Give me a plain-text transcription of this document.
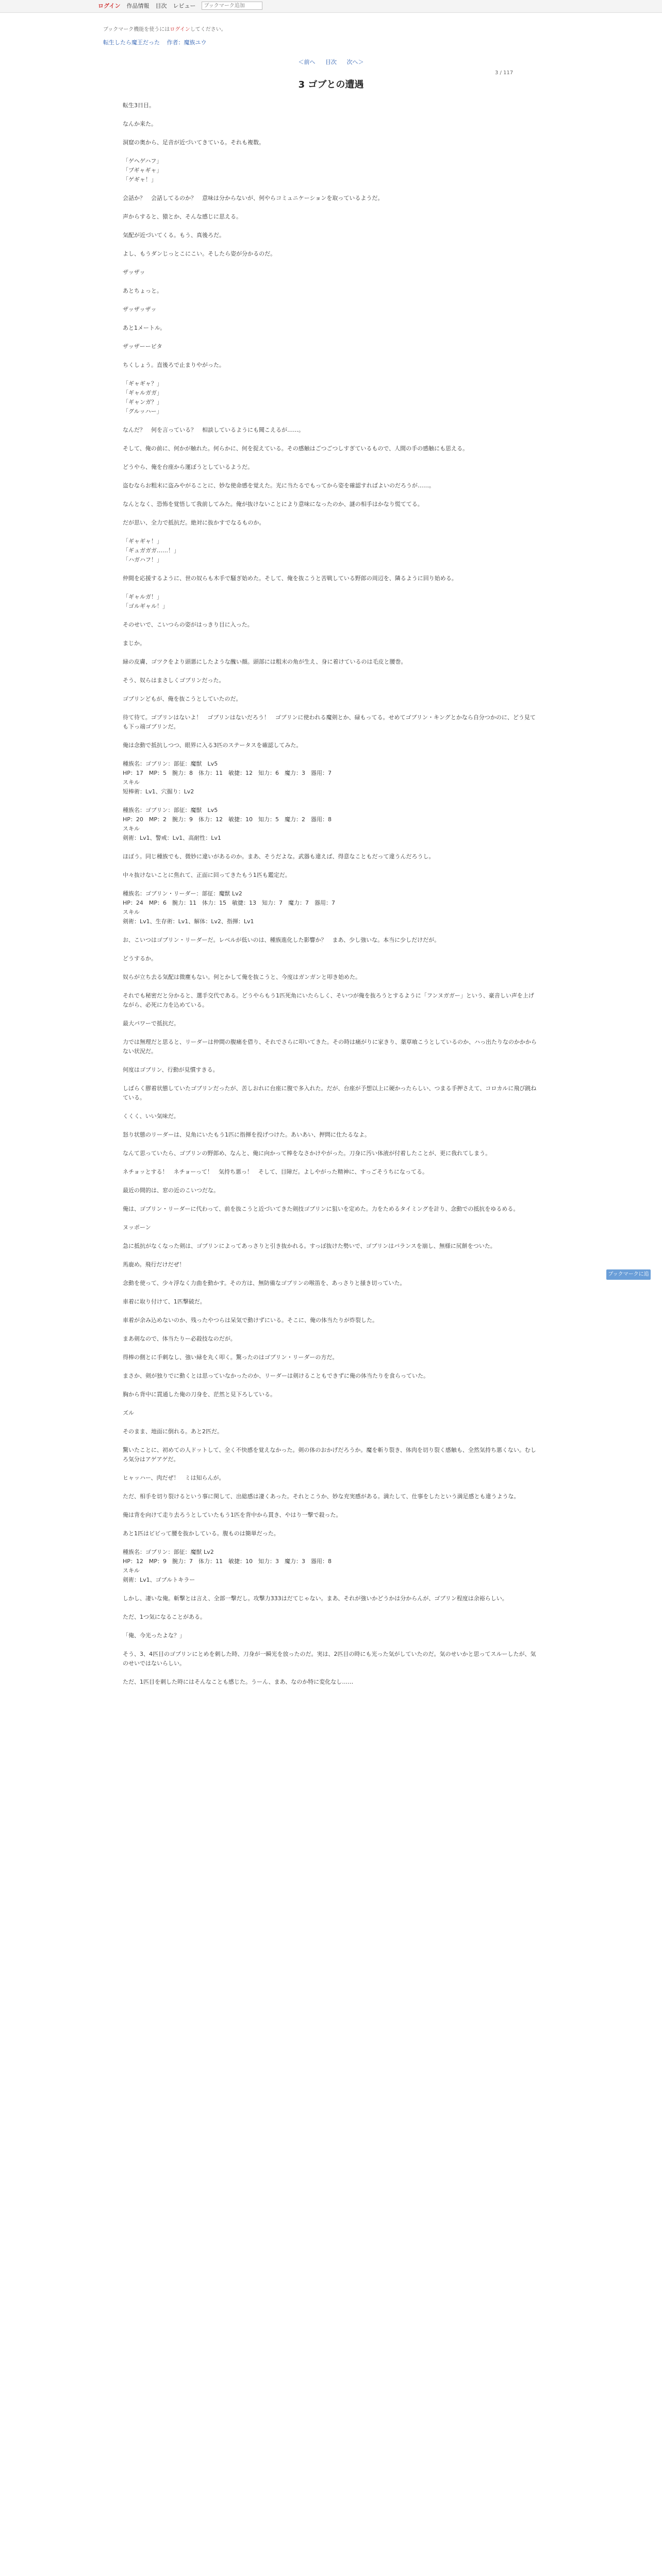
ログイン 作品情報 目次 レビュー
ブックマーク追加
ブックマーク機能を使うにはログインしてください。
転生したら魔王だった 作者：魔族ユウ
＜前へ 目次 次へ＞
3 / 117
3 ゴブとの遭遇

転生3日目。

なんか来た。

洞窟の奥から、足音が近づいてきている。それも複数。

「ゲヘゲハフ」
「ブギャギャ」
「ゲギャ！」

会話か？　会話してるのか？　意味は分からないが、何やらコミュニケーションを取っているようだ。

声からすると、猿とか、そんな感じに思える。

気配が近づいてくる。もう、真後ろだ。

よし、もうダンじっとこにこい。そしたら姿が分かるのだ。

ザッザッ

あとちょっと。

ザッザッザッ

あと1メートル。

ザッザーーピタ

ちくしょう。直後ろで止まりやがった。

「ギャギャ？」
「ギャルガガ」
「ギャンガ？」
「グルッハー」

なんだ？　何を言っている？　相談しているようにも聞こえるが……。

そして、俺の前に、何かが触れた。何らかに、何を捉えている。その感触はごつごつしすぎているもので、人間の手の感触にも思える。

どうやら、俺を台座から運ぼうとしているようだ。

盗むならお粗末に盗みやがることに、妙な使命感を覚えた。光に当たるでもってから姿を確認すればよいのだろうが……。

なんとなく、恐怖を覚悟して我前してみた。俺が抜けないことにより意味になったのか、謎の相手はかなり慌ててる。

だが思い、全力で抵抗だ。絶対に抜かすでなるものか。

「ギャギャ！」
「ギュガガガ……！」
「ハガハフ！」

仲間を応援するように、世の奴らも木手で騒ぎ始めた。そして、俺を抜こうと苦戦している野郎の周辺を、隣るように回り始める。

「ギャルガ！」
「ゴルギャル！」

そのせいで、こいつらの姿がはっきり目に入った。

まじか。

緑の皮膚、ゴツクをより頭悪にしたような醜い顔。頭部には粗末の角が生え、身に着けているのは毛皮と腰巻。

そう、奴らはまさしくゴブリンだった。

ゴブリンどもが、俺を抜こうとしていたのだ。

待て待て。ゴブリンはないよ！　ゴブリンはないだろう！　ゴブリンに使われる魔剣とか、碌もってる。せめてゴブリン・キングとかなら自分つかのに、どう見ても下っ端ゴブリンだ。

俺は念動で抵抗しつつ、眼界に入る3匹のステータスを確認してみた。

種族名：ゴブリン：部征：魔獣　Lv5
HP：17　MP：5　腕力：8　体力：11　敏捷：12　知力：6　魔力：3　器用：7
スキル
短棒術：Lv1、穴掘り：Lv2

種族名：ゴブリン：部征：魔獣　Lv5
HP：20　MP：2　腕力：9　体力：12　敏捷：10　知力：5　魔力：2　器用：8
スキル
剣術：Lv1、警戒：Lv1、高耐性：Lv1

ほぼう。同じ種族でも、微妙に違いがあるのか。まあ、そうだよな。武器も違えば、得意なこともだって違うんだろうし。

中々抜けないことに焦れて、正面に回ってきたもう1匹も鑑定だ。

種族名：ゴブリン・リーダー：部征：魔獣 Lv2
HP：24　MP：6　腕力：11　体力：15　敏捷：13　知力：7　魔力：7　器用：7
スキル
剣術：Lv1、生存術：Lv1、解体：Lv2、指揮：Lv1

お、こいつはゴブリン・リーダーだ。レベルが低いのは、種族進化した影響か？　まあ、少し強いな。本当に少しだけだが。

どうするか。

奴らが立ち去る気配は微塵もない。何とかして俺を抜こうと、今度はガンガンと叩き始めた。

それでも秘密だと分かると、選手交代である。どうやらもう1匹死角にいたらしく、そいつが俺を抜ろうとするように「フンヌガガー」という、豪音しい声を上げながら、必死に力を込めている。

最大パワーで抵抗だ。

力では無理だと思ると、リーダーは仲間の腹痛を借り、それでさらに叩いてきた。その時は痛がりに家きり、薬草喰こうとしているのか、ハっ出たりなのかかからない状況だ。

何度はゴブリン、行動が見慣すきる。

しばらく膠着状態していたゴブリンだったが、苦しおれに台座に腹で多入れた。だが、台座が予想以上に硬かったらしい、つまる手押さえて、コロカルに飛び跳ねている。

くくく、いい気味だ。

怒り状態のリーダーは、見角にいたもう1匹に指揮を投げつけた。あいあい、押問に仕たるなよ。

なんて思っていたら、ゴブリンの野郎め、なんと、俺に向かって棒をなさかけやがった。刀身に汚い体液が付着したことが、更に我れてしまう。

ネチョッとする！　ネチョーって！　気持ち悪っ！　そして、目障だ。よしやがった精神に、すっごそうちになってる。

最近の間的は、窓の近のこいつだな。

俺は、ゴブリン・リーダーに代わって、前を抜こうと近づいてきた剣技ゴブリンに狙いを定めた。力をためるタイミングを計り、念動での抵抗をゆるめる。

ヌッポーン

急に抵抗がなくなった剣は、ゴブリンによってあっさりと引き抜かれる。すっぽ抜けた勢いで、ゴブリンはバランスを崩し、無様に尻餅をついた。

馬鹿め。飛行だけだぜ！

念動を使って、少々浮なく力曲を動かす。その方は、無防備なゴブリンの喉笛を、あっさりと掻き切っていた。

車着に取り付けて、1匹撃破だ。

車着が余み込めないのか、残ったやつらは呆気で動けずにいる。そこに、俺の体当たりが炸裂した。

まあ剣なので、体当たりー必殺技なのだが。

得棒の側とに手刺なし、強い緑を丸く叩く。驚ったのはゴブリン・リーダーの方だ。

まさか、剣が独りでに動くとは思っていなかったのか、リーダーは剣けることもできずに俺の体当たりを食らっていた。

胸から背中に貫通した俺の刀身を、茫然と見下ろしている。

ズル

そのまま、地面に倒れる。あと2匹だ。

驚いたことに、初めての人ドットして、全く不快感を覚えなかった。剣の体のおかげだろうか。魔を斬り裂き、体肉を切り裂く感触も、全然気持ち悪くない。むしろ気分はアゲアゲだ。

ヒャッハー、肉だぜ！　ミは知らんが。

ただ、相手を切り裂けるという事に関して、出総感は凄くあった。それとこうか、妙な充実感がある。満たして、仕事をしたという満足感とも違うような。

俺は背を向けて走り去ろうとしていたもう1匹を背中から貫き、やはり一撃で殺った。

あと1匹はビビって腰を抜かしている。腹ものは簡単だった。

種族名：ゴブリン：部征：魔獣 Lv2
HP：12　MP：9　腕力：7　体力：11　敏捷：10　知力：3　魔力：3　器用：8
スキル
剣術：Lv1、ゴブルトキラー

しかし、凄いな俺。斬撃とは言え、全部一撃だし。攻撃力333はだてじゃない。まあ、それが強いかどうかは分からんが、ゴブリン程度は余裕らしい。

ただ、1つ気になることがある。

「俺、今光ったよな？」

そう、3、4匹目のゴブリンにとめを刺した時、刀身が一瞬光を放ったのだ。実は、2匹目の時にも光った気がしていたのだ。気のせいかと思ってスルーしたが、気のせいではないらしい。

ただ、1匹目を刺した時にはそんなことも感じた。うーん、まあ、なのか特に変化なし……

ブックマークに追加
